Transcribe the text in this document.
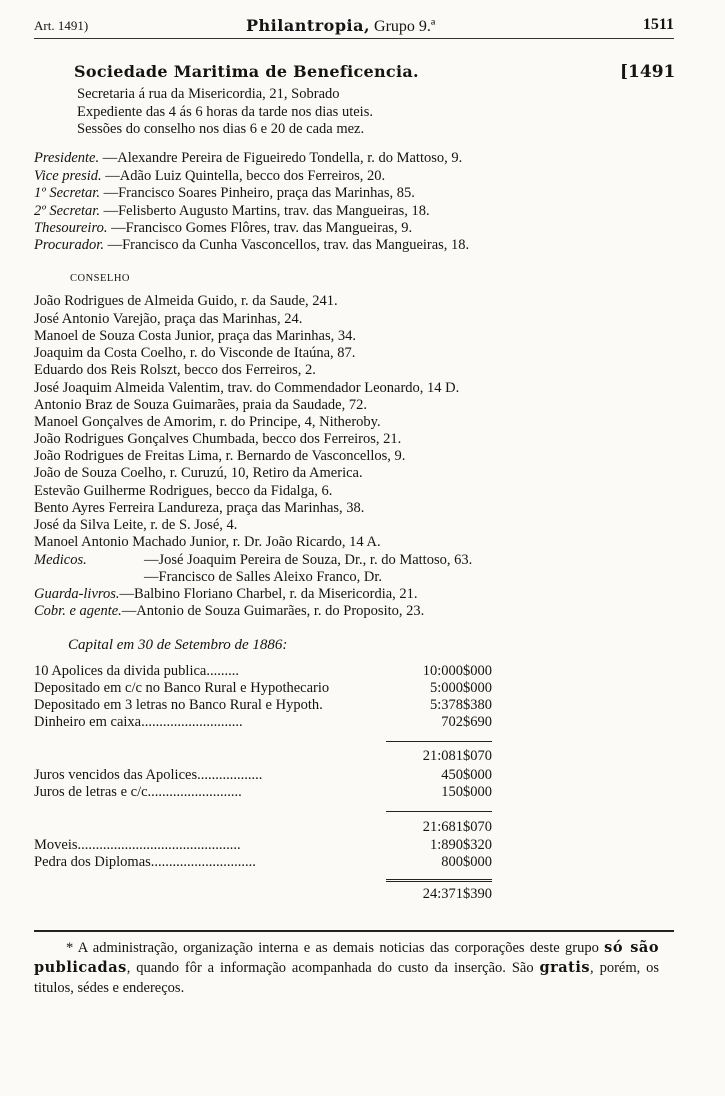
Art. 1491)	Philantropia, Grupo 9.ª	1511
Sociedade Maritima de Beneficencia.	[1491
Secretaria á rua da Misericordia, 21, Sobrado
Expediente das 4 ás 6 horas da tarde nos dias uteis.
Sessões do conselho nos dias 6 e 20 de cada mez.
Presidente. —Alexandre Pereira de Figueiredo Tondella, r. do Mattoso, 9.
Vice presid. —Adão Luiz Quintella, becco dos Ferreiros, 20.
1º Secretar. —Francisco Soares Pinheiro, praça das Marinhas, 85.
2º Secretar. —Felisberto Augusto Martins, trav. das Mangueiras, 18.
Thesoureiro. —Francisco Gomes Flôres, trav. das Mangueiras, 9.
Procurador. —Francisco da Cunha Vasconcellos, trav. das Mangueiras, 18.
CONSELHO
João Rodrigues de Almeida Guido, r. da Saude, 241.
José Antonio Varejão, praça das Marinhas, 24.
Manoel de Souza Costa Junior, praça das Marinhas, 34.
Joaquim da Costa Coelho, r. do Visconde de Itaúna, 87.
Eduardo dos Reis Rolszt, becco dos Ferreiros, 2.
José Joaquim Almeida Valentim, trav. do Commendador Leonardo, 14 D.
Antonio Braz de Souza Guimarães, praia da Saudade, 72.
Manoel Gonçalves de Amorim, r. do Principe, 4, Nitheroby.
João Rodrigues Gonçalves Chumbada, becco dos Ferreiros, 21.
João Rodrigues de Freitas Lima, r. Bernardo de Vasconcellos, 9.
João de Souza Coelho, r. Curuzú, 10, Retiro da America.
Estevão Guilherme Rodrigues, becco da Fidalga, 6.
Bento Ayres Ferreira Landureza, praça das Marinhas, 38.
José da Silva Leite, r. de S. José, 4.
Manoel Antonio Machado Junior, r. Dr. João Ricardo, 14 A.
Medicos.	—José Joaquim Pereira de Souza, Dr., r. do Mattoso, 63.
—Francisco de Salles Aleixo Franco, Dr.
Guarda-livros.—Balbino Floriano Charbel, r. da Misericordia, 21.
Cobr. e agente.—Antonio de Souza Guimarães, r. do Proposito, 23.
Capital em 30 de Setembro de 1886:
10 Apolices da divida publica.........	10:000$000
Depositado em c/c no Banco Rural e Hypothecario	5:000$000
Depositado em 3 letras no Banco Rural e Hypoth.	5:378$380
Dinheiro em caixa............................	702$690
21:081$070
Juros vencidos das Apolices..................	450$000
Juros de letras e c/c..........................	150$000
21:681$070
Moveis.............................................	1:890$320
Pedra dos Diplomas.............................	800$000
24:371$390
* A administração, organização interna e as demais noticias das corporações deste grupo só são publicadas, quando fôr a informação acompanhada do custo da inserção. São gratis, porém, os titulos, sédes e endereços.
